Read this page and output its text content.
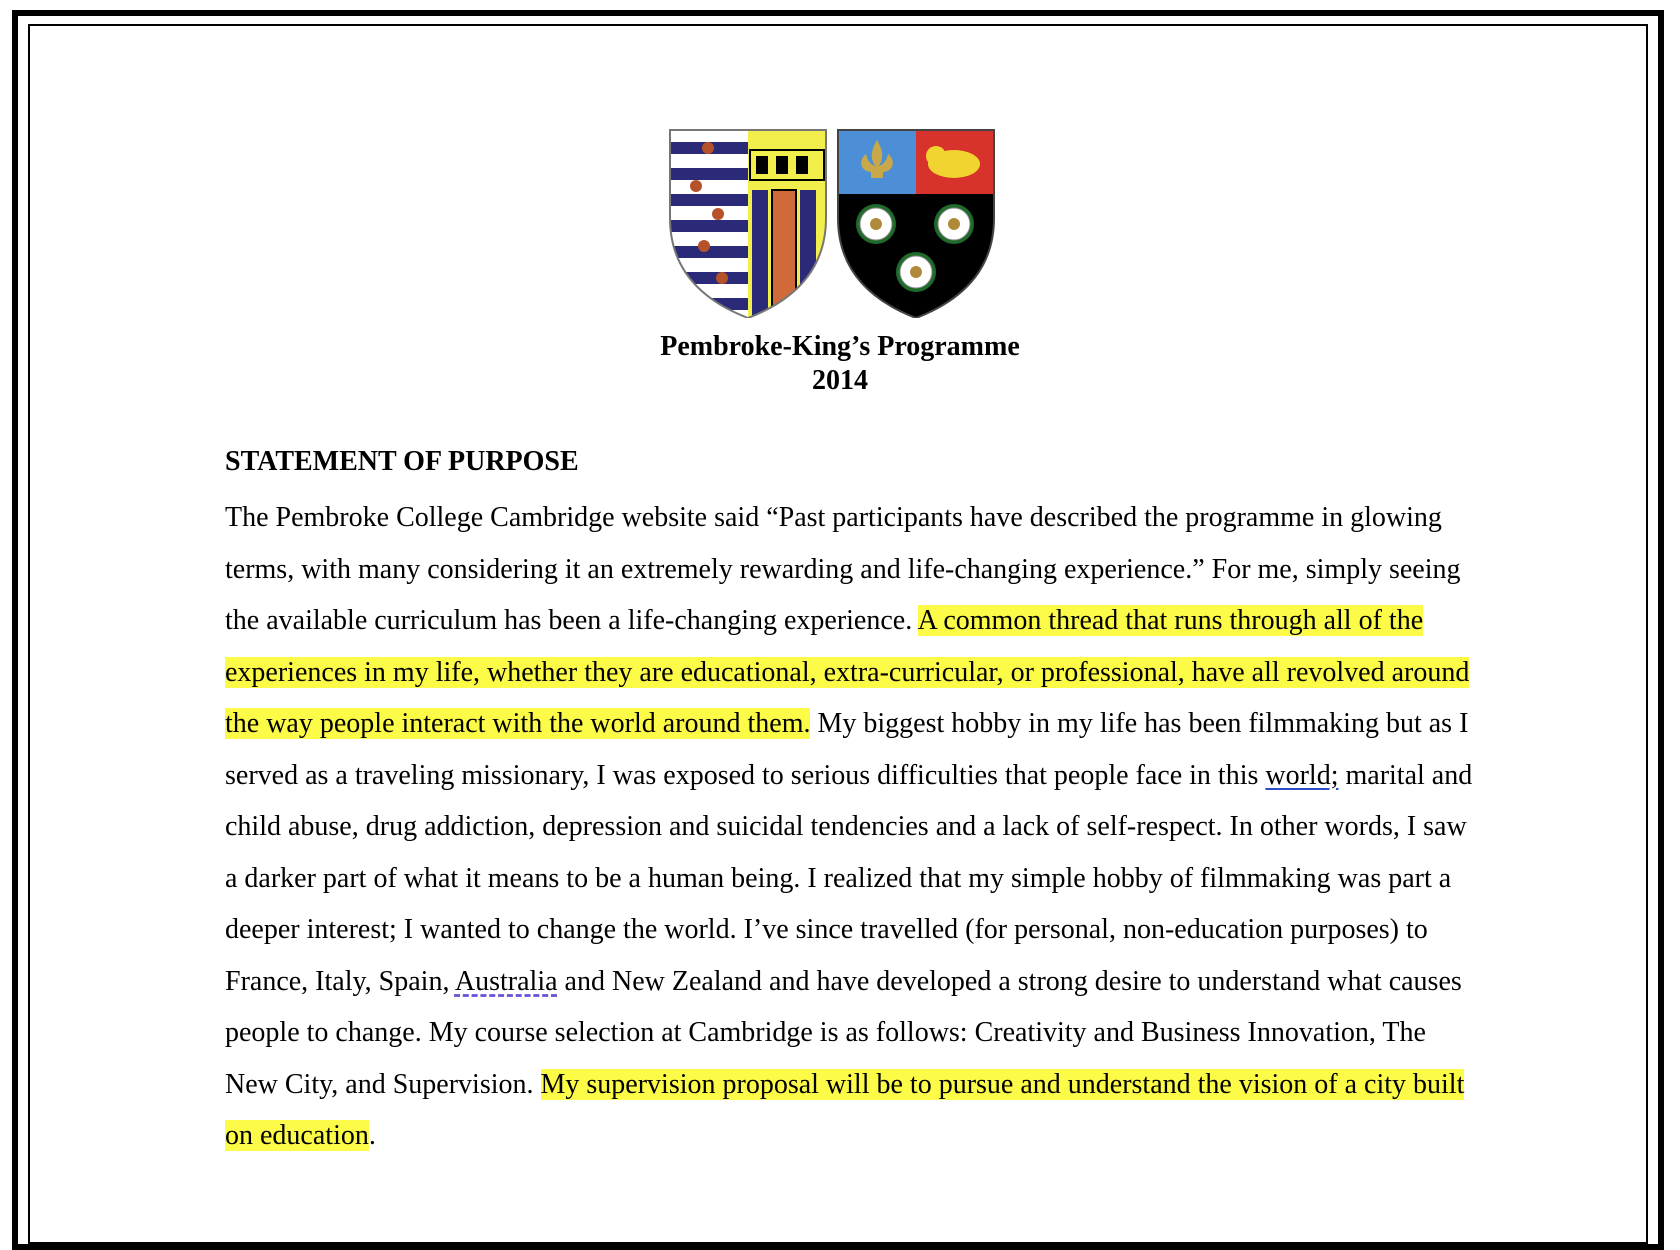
Pembroke-King’s Programme
2014
STATEMENT OF PURPOSE

The Pembroke College Cambridge website said “Past participants have described the programme in glowing terms, with many considering it an extremely rewarding and life-changing experience.” For me, simply seeing the available curriculum has been a life-changing experience. A common thread that runs through all of the experiences in my life, whether they are educational, extra-curricular, or professional, have all revolved around the way people interact with the world around them. My biggest hobby in my life has been filmmaking but as I served as a traveling missionary, I was exposed to serious difficulties that people face in this world; marital and child abuse, drug addiction, depression and suicidal tendencies and a lack of self-respect. In other words, I saw a darker part of what it means to be a human being. I realized that my simple hobby of filmmaking was part a deeper interest; I wanted to change the world. I’ve since travelled (for personal, non-education purposes) to France, Italy, Spain, Australia and New Zealand and have developed a strong desire to understand what causes people to change. My course selection at Cambridge is as follows: Creativity and Business Innovation, The New City, and Supervision. My supervision proposal will be to pursue and understand the vision of a city built on education.
